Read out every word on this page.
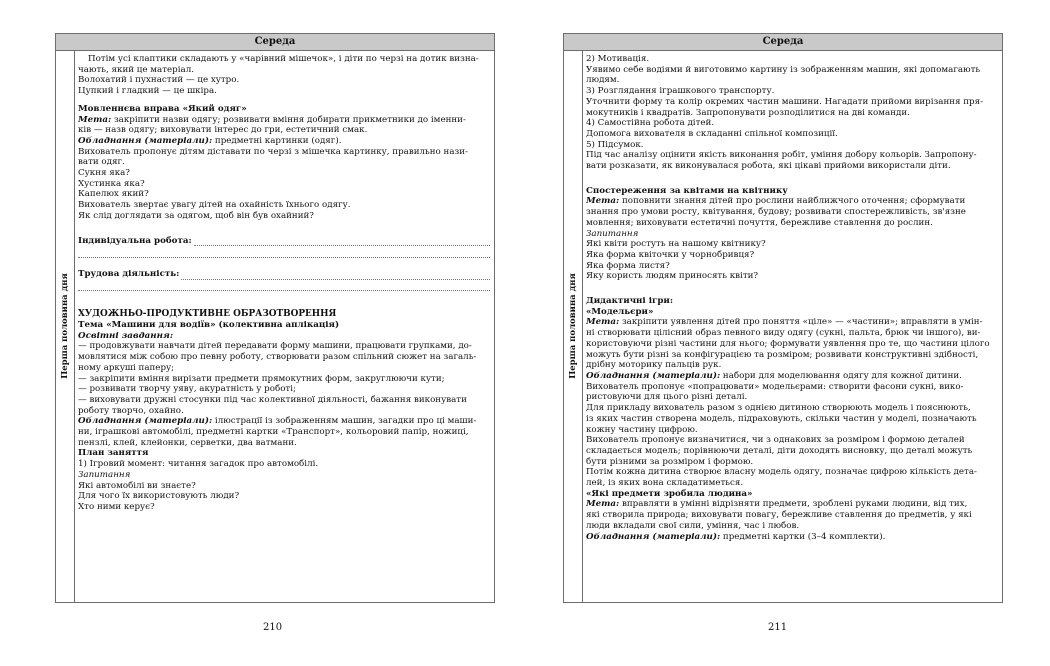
Середа
Перша половина дня
Потім усі клаптики складають у «чарівний мішечок», і діти по черзі на дотик визна-
чають, який це матеріал.
Волохатий і пухнастий — це хутро.
Цупкий і гладкий — це шкіра.
Мовленнєва вправа «Який одяг»
Мета: закріпити назви одягу; розвивати вміння добирати прикметники до іменни-
ків — назв одягу; виховувати інтерес до гри, естетичний смак.
Обладнання (матеріали): предметні картинки (одяг).
Вихователь пропонує дітям діставати по черзі з мішечка картинку, правильно нази-
вати одяг.
Сукня яка?
Хустинка яка?
Капелюх який?
Вихователь звертає увагу дітей на охайність їхнього одягу.
Як слід доглядати за одягом, щоб він був охайний?
Індивідуальна робота:
Трудова діяльність:
ХУДОЖНЬО-ПРОДУКТИВНЕ ОБРАЗОТВОРЕННЯ
Тема «Машини для водіїв» (колективна аплікація)
Освітні завдання:
— продовжувати навчати дітей передавати форму машини, працювати групками, до-
мовлятися між собою про певну роботу, створювати разом спільний сюжет на загаль-
ному аркуші паперу;
— закріпити вміння вирізати предмети прямокутних форм, закруглюючи кути;
— розвивати творчу уяву, акуратність у роботі;
— виховувати дружні стосунки під час колективної діяльності, бажання виконувати
роботу творчо, охайно.
Обладнання (матеріали): ілюстрації із зображенням машин, загадки про ці маши-
ни, іграшкові автомобілі, предметні картки «Транспорт», кольоровий папір, ножиці,
пензлі, клей, клейонки, серветки, два ватмани.
План заняття
1) Ігровий момент: читання загадок про автомобілі.
Запитання
Які автомобілі ви знаєте?
Для чого їх використовують люди?
Хто ними керує?
Середа
Перша половина дня
2) Мотивація.
Уявимо себе водіями й виготовимо картину із зображенням машин, які допомагають
людям.
3) Розглядання іграшкового транспорту.
Уточнити форму та колір окремих частин машини. Нагадати прийоми вирізання пря-
мокутників і квадратів. Запропонувати розподілитися на дві команди.
4) Самостійна робота дітей.
Допомога вихователя в складанні спільної композиції.
5) Підсумок.
Під час аналізу оцінити якість виконання робіт, уміння добору кольорів. Запропону-
вати розказати, як виконувалася робота, які цікаві прийоми використали діти.
Спостереження за квітами на квітнику
Мета: поповнити знання дітей про рослини найближчого оточення; сформувати
знання про умови росту, квітування, будову; розвивати спостережливість, зв'язне
мовлення; виховувати естетичні почуття, бережливе ставлення до рослин.
Запитання
Які квіти ростуть на нашому квітнику?
Яка форма квіточки у чорнобривця?
Яка форма листя?
Яку користь людям приносять квіти?
Дидактичні ігри:
«Модельєри»
Мета: закріпити уявлення дітей про поняття «ціле» — «частини»; вправляти в умін-
ні створювати цілісний образ певного виду одягу (сукні, пальта, брюк чи іншого), ви-
користовуючи різні частини для нього; формувати уявлення про те, що частини цілого
можуть бути різні за конфігурацією та розміром; розвивати конструктивні здібності,
дрібну моторику пальців рук.
Обладнання (матеріали): набори для моделювання одягу для кожної дитини.
Вихователь пропонує «попрацювати» модельєрами: створити фасони сукні, вико-
ристовуючи для цього різні деталі.
Для прикладу вихователь разом з однією дитиною створюють модель і пояснюють,
із яких частин створена модель, підраховують, скільки частин у моделі, позначають
кожну частину цифрою.
Вихователь пропонує визначитися, чи з однакових за розміром і формою деталей
складається модель; порівнюючи деталі, діти доходять висновку, що деталі можуть
бути різними за розміром і формою.
Потім кожна дитина створює власну модель одягу, позначає цифрою кількість дета-
лей, із яких вона складатиметься.
«Які предмети зробила людина»
Мета: вправляти в умінні відрізняти предмети, зроблені руками людини, від тих,
які створила природа; виховувати повагу, бережливе ставлення до предметів, у які
люди вкладали свої сили, уміння, час і любов.
Обладнання (матеріали): предметні картки (3–4 комплекти).
210	211
